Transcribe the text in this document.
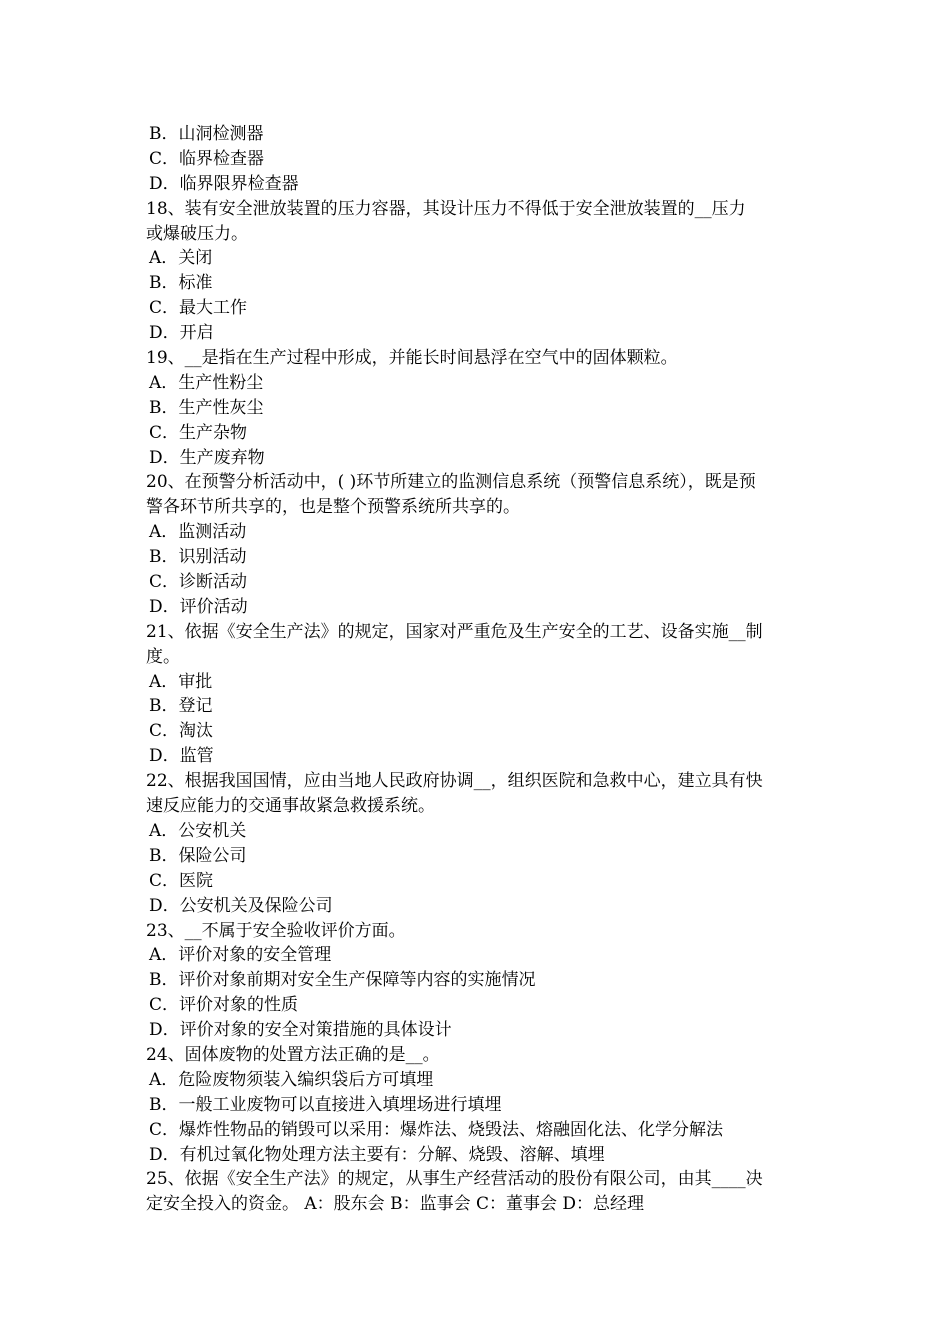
B．山洞检测器
C．临界检查器
D．临界限界检查器
18、装有安全泄放装置的压力容器，其设计压力不得低于安全泄放装置的__压力
或爆破压力。
A．关闭
B．标准
C．最大工作
D．开启
19、__是指在生产过程中形成，并能长时间悬浮在空气中的固体颗粒。
A．生产性粉尘
B．生产性灰尘
C．生产杂物
D．生产废弃物
20、在预警分析活动中，( )环节所建立的监测信息系统（预警信息系统），既是预
警各环节所共享的，也是整个预警系统所共享的。
A．监测活动
B．识别活动
C．诊断活动
D．评价活动
21、依据《安全生产法》的规定，国家对严重危及生产安全的工艺、设备实施__制
度。
A．审批
B．登记
C．淘汰
D．监管
22、根据我国国情，应由当地人民政府协调__，组织医院和急救中心，建立具有快
速反应能力的交通事故紧急救援系统。
A．公安机关
B．保险公司
C．医院
D．公安机关及保险公司
23、__不属于安全验收评价方面。
A．评价对象的安全管理
B．评价对象前期对安全生产保障等内容的实施情况
C．评价对象的性质
D．评价对象的安全对策措施的具体设计
24、固体废物的处置方法正确的是__。
A．危险废物须装入编织袋后方可填埋
B．一般工业废物可以直接进入填埋场进行填埋
C．爆炸性物品的销毁可以采用：爆炸法、烧毁法、熔融固化法、化学分解法
D．有机过氧化物处理方法主要有：分解、烧毁、溶解、填埋
25、依据《安全生产法》的规定，从事生产经营活动的股份有限公司，由其____决
定安全投入的资金。 A：股东会 B：监事会 C：董事会 D：总经理
